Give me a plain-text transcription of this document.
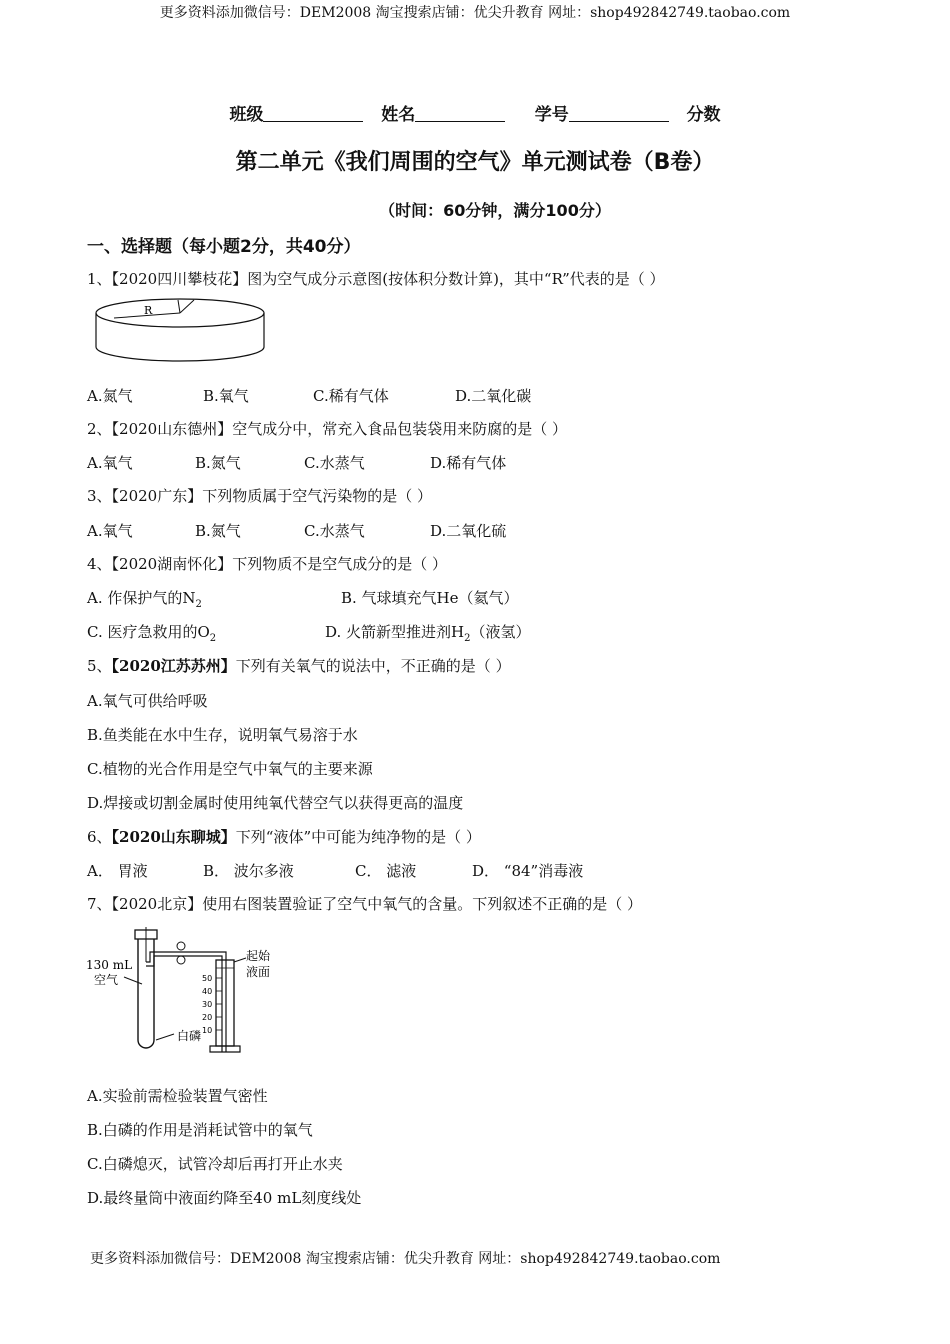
更多资料添加微信号：DEM2008 淘宝搜索店铺：优尖升教育 网址：shop492842749.taobao.com
班级	姓名	学号	分数
第二单元《我们周围的空气》单元测试卷（B卷）
（时间：60分钟，满分100分）
一、选择题（每小题2分，共40分）
1、【2020四川攀枝花】图为空气成分示意图(按体积分数计算)，其中“R”代表的是（ ）
R
A.氮气	B.氧气	C.稀有气体	D.二氧化碳
2、【2020山东德州】空气成分中，常充入食品包装袋用来防腐的是（ ）
A.氧气	B.氮气	C.水蒸气	D.稀有气体
3、【2020广东】下列物质属于空气污染物的是（ ）
A.氧气	B.氮气	C.水蒸气	D.二氧化硫
4、【2020湖南怀化】下列物质不是空气成分的是（ ）
A. 作保护气的$N_2$	B. 气球填充气He（氦气）
C. 医疗急救用的$O_2$	D. 火箭新型推进剂$H_2$（液氢）
5、【2020江苏苏州】下列有关氧气的说法中，不正确的是（ ）
A.氧气可供给呼吸
B.鱼类能在水中生存，说明氧气易溶于水
C.植物的光合作用是空气中氧气的主要来源
D.焊接或切割金属时使用纯氧代替空气以获得更高的温度
6、【2020山东聊城】下列“液体”中可能为纯净物的是（ ）
A． 胃液	B． 波尔多液	C． 滤液	D． “84”消毒液
7、【2020北京】使用右图装置验证了空气中氧气的含量。下列叙述不正确的是（ ）
130 mL
空气
白磷
50
40
30
20
10
起始
液面
A.实验前需检验装置气密性
B.白磷的作用是消耗试管中的氧气
C.白磷熄灭，试管冷却后再打开止水夹
D.最终量筒中液面约降至40 mL刻度线处
更多资料添加微信号：DEM2008 淘宝搜索店铺：优尖升教育 网址：shop492842749.taobao.com
